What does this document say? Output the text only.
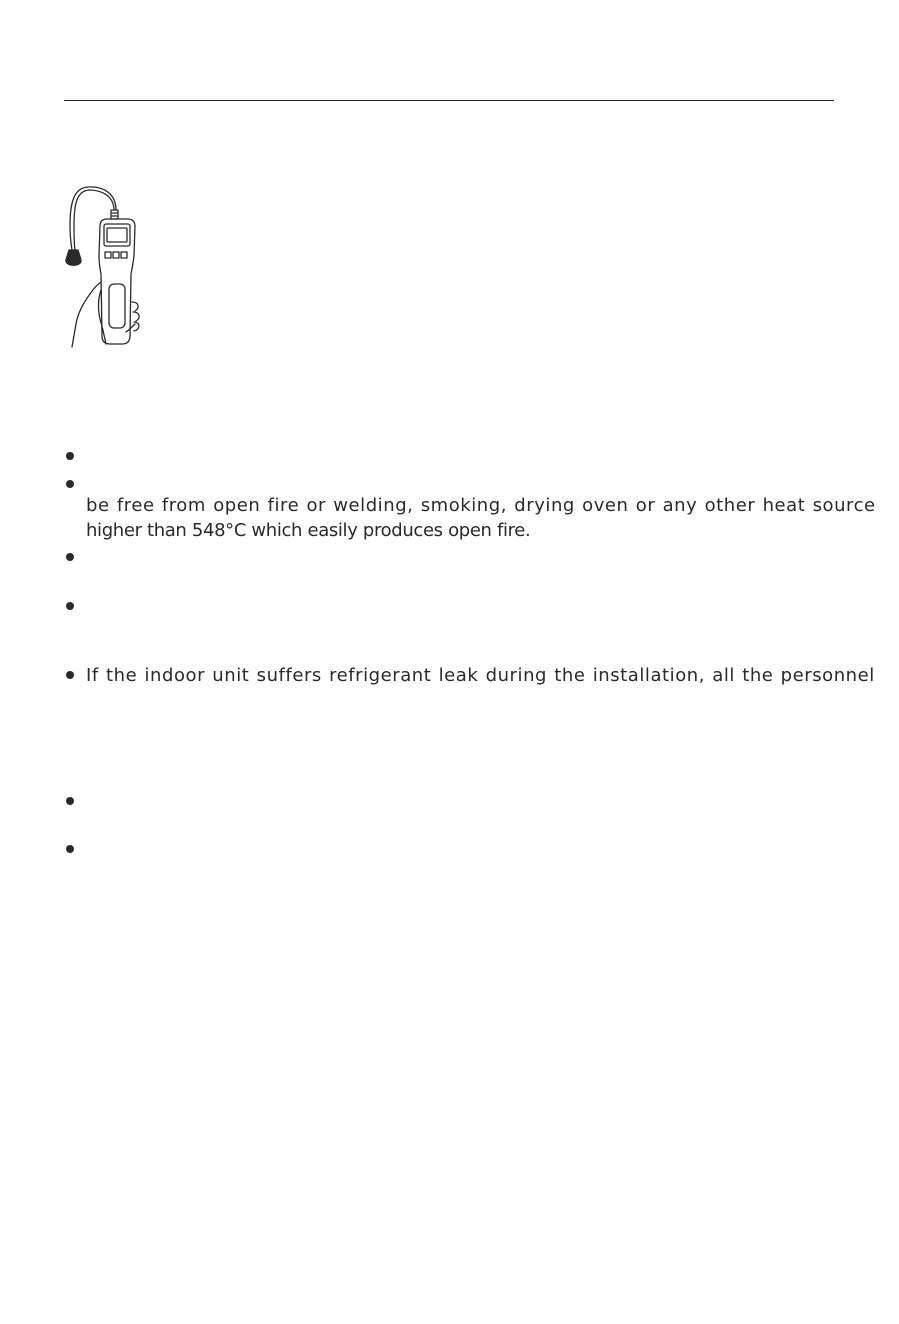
be free from open fire or welding, smoking, drying oven or any other heat source
higher than 548°C which easily produces open fire.
If the indoor unit suffers refrigerant leak during the installation, all the personnel
